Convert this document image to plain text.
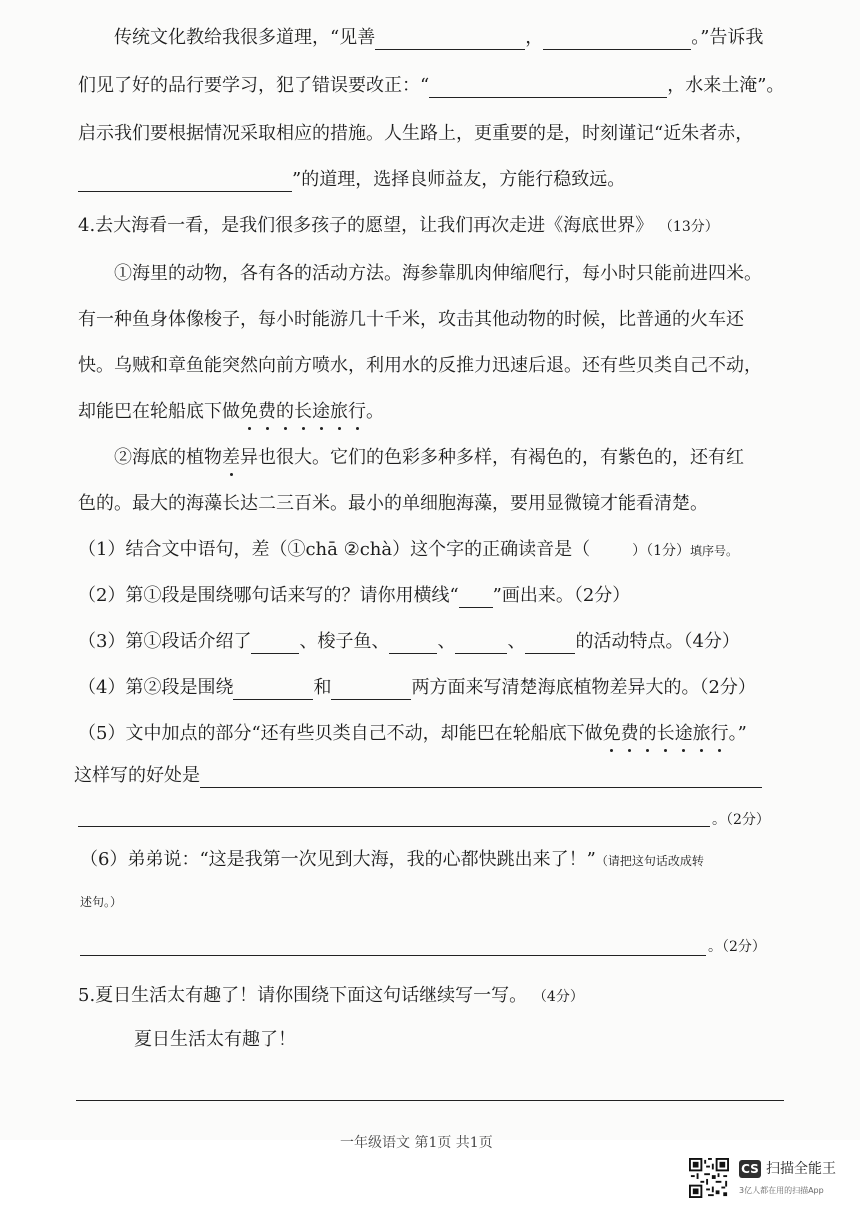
传统文化教给我很多道理，“见善	，	。”告诉我
们见了好的品行要学习，犯了错误要改正：“	，水来土淹”。
启示我们要根据情况采取相应的措施。人生路上，更重要的是，时刻谨记“近朱者赤，
”的道理，选择良师益友，方能行稳致远。
4.去大海看一看，是我们很多孩子的愿望，让我们再次走进《海底世界》 （13分）
①海里的动物，各有各的活动方法。海参靠肌肉伸缩爬行，每小时只能前进四米。
有一种鱼身体像梭子，每小时能游几十千米，攻击其他动物的时候，比普通的火车还
快。乌贼和章鱼能突然向前方喷水，利用水的反推力迅速后退。还有些贝类自己不动，
却能巴在轮船底下做免费的长途旅行。
②海底的植物差异也很大。它们的色彩多种多样，有褐色的，有紫色的，还有红
色的。最大的海藻长达二三百米。最小的单细胞海藻，要用显微镜才能看清楚。
（1）结合文中语句，差（①chā ②chà）这个字的正确读音是（	）（1分）填序号。
（2）第①段是围绕哪句话来写的？请你用横线“ ”画出来。（2分）
（3）第①段话介绍了	、梭子鱼、	、	、	的活动特点。（4分）
（4）第②段是围绕	和	两方面来写清楚海底植物差异大的。（2分）
（5）文中加点的部分“还有些贝类自己不动，却能巴在轮船底下做免费的长途旅行。”
这样写的好处是
。（2分）
（6）弟弟说：“这是我第一次见到大海，我的心都快跳出来了！”（请把这句话改成转
述句。）
。（2分）
5.夏日生活太有趣了！请你围绕下面这句话继续写一写。 （4分）
夏日生活太有趣了！
一年级语文 第1页 共1页
CS 扫描全能王
3亿人都在用的扫描App
